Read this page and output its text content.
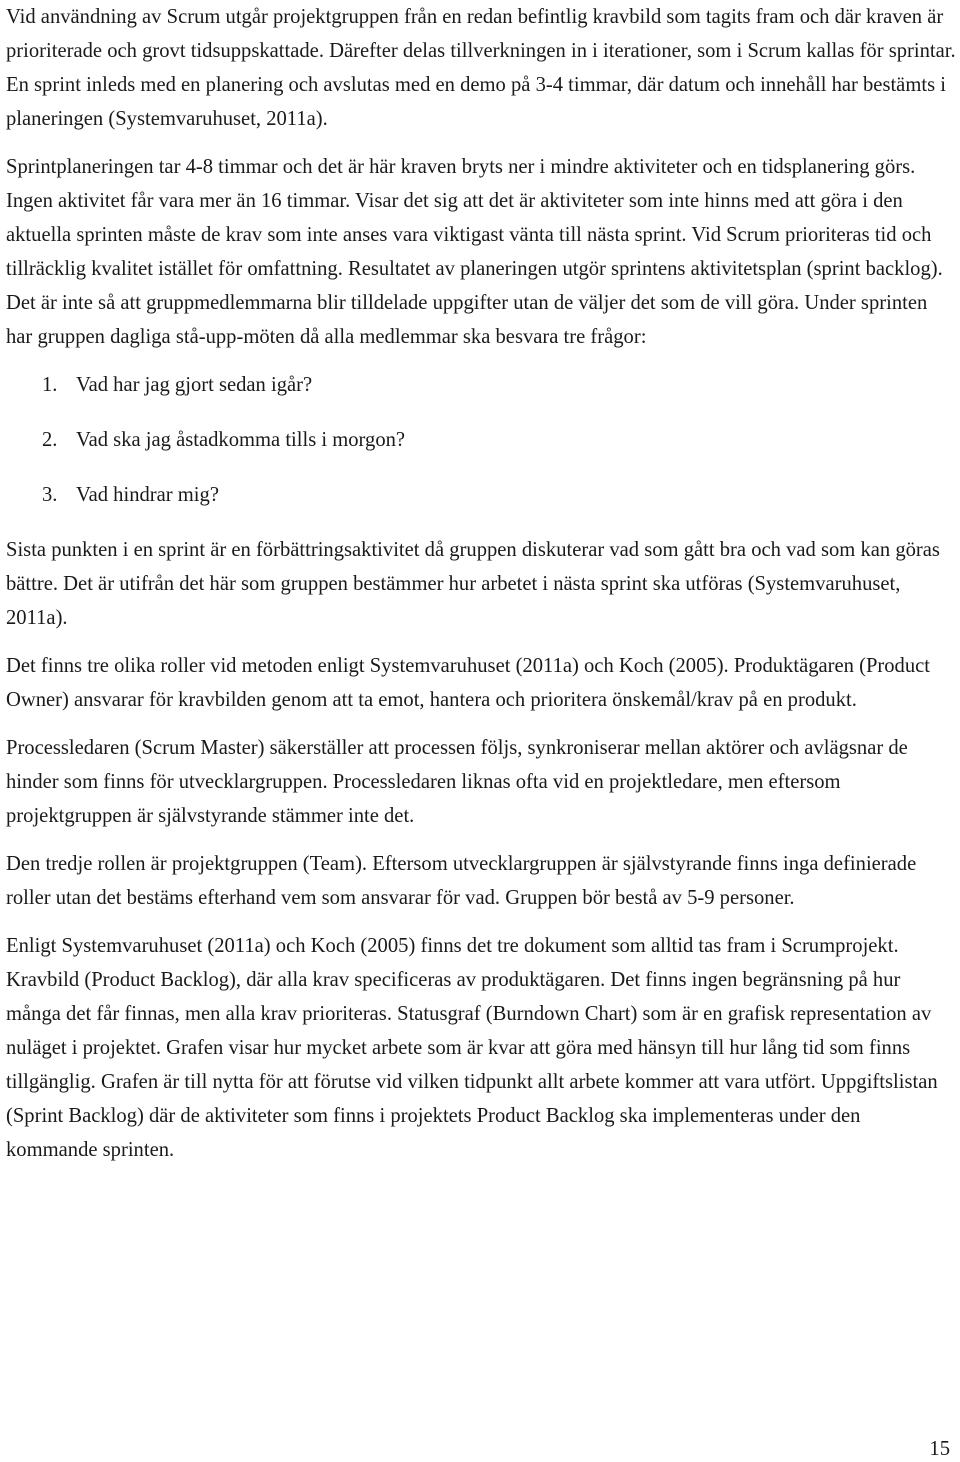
Vid användning av Scrum utgår projektgruppen från en redan befintlig kravbild som tagits fram och där kraven är prioriterade och grovt tidsuppskattade. Därefter delas tillverkningen in i iterationer, som i Scrum kallas för sprintar. En sprint inleds med en planering och avslutas med en demo på 3-4 timmar, där datum och innehåll har bestämts i planeringen (Systemvaruhuset, 2011a).

Sprintplaneringen tar 4-8 timmar och det är här kraven bryts ner i mindre aktiviteter och en tidsplanering görs. Ingen aktivitet får vara mer än 16 timmar. Visar det sig att det är aktiviteter som inte hinns med att göra i den aktuella sprinten måste de krav som inte anses vara viktigast vänta till nästa sprint. Vid Scrum prioriteras tid och tillräcklig kvalitet istället för omfattning. Resultatet av planeringen utgör sprintens aktivitetsplan (sprint backlog). Det är inte så att gruppmedlemmarna blir tilldelade uppgifter utan de väljer det som de vill göra. Under sprinten har gruppen dagliga stå-upp-möten då alla medlemmar ska besvara tre frågor:

1. Vad har jag gjort sedan igår?
2. Vad ska jag åstadkomma tills i morgon?
3. Vad hindrar mig?

Sista punkten i en sprint är en förbättringsaktivitet då gruppen diskuterar vad som gått bra och vad som kan göras bättre. Det är utifrån det här som gruppen bestämmer hur arbetet i nästa sprint ska utföras (Systemvaruhuset, 2011a).

Det finns tre olika roller vid metoden enligt Systemvaruhuset (2011a) och Koch (2005). Produktägaren (Product Owner) ansvarar för kravbilden genom att ta emot, hantera och prioritera önskemål/krav på en produkt.

Processledaren (Scrum Master) säkerställer att processen följs, synkroniserar mellan aktörer och avlägsnar de hinder som finns för utvecklargruppen. Processledaren liknas ofta vid en projektledare, men eftersom projektgruppen är självstyrande stämmer inte det.

Den tredje rollen är projektgruppen (Team). Eftersom utvecklargruppen är självstyrande finns inga definierade roller utan det bestäms efterhand vem som ansvarar för vad. Gruppen bör bestå av 5-9 personer.

Enligt Systemvaruhuset (2011a) och Koch (2005) finns det tre dokument som alltid tas fram i Scrumprojekt. Kravbild (Product Backlog), där alla krav specificeras av produktägaren. Det finns ingen begränsning på hur många det får finnas, men alla krav prioriteras. Statusgraf (Burndown Chart) som är en grafisk representation av nuläget i projektet. Grafen visar hur mycket arbete som är kvar att göra med hänsyn till hur lång tid som finns tillgänglig. Grafen är till nytta för att förutse vid vilken tidpunkt allt arbete kommer att vara utfört. Uppgiftslistan (Sprint Backlog) där de aktiviteter som finns i projektets Product Backlog ska implementeras under den kommande sprinten.

15
